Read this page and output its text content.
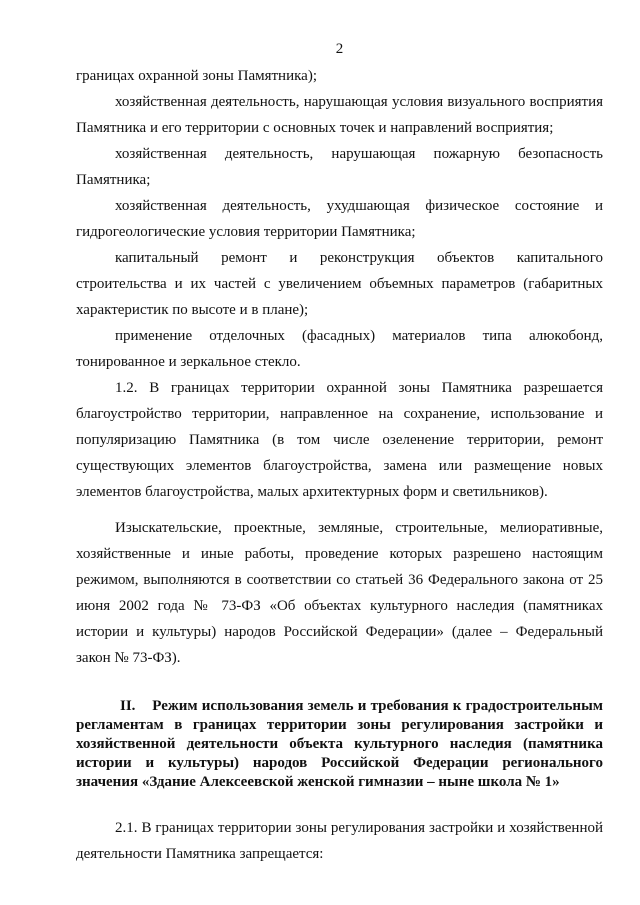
2

границах охранной зоны Памятника);

хозяйственная деятельность, нарушающая условия визуального восприятия Памятника и его территории с основных точек и направлений восприятия;

хозяйственная деятельность, нарушающая пожарную безопасность Памятника;

хозяйственная деятельность, ухудшающая физическое состояние и гидрогеологические условия территории Памятника;

капитальный ремонт и реконструкция объектов капитального строительства и их частей с увеличением объемных параметров (габаритных характеристик по высоте и в плане);

применение отделочных (фасадных) материалов типа алюкобонд, тонированное и зеркальное стекло.

1.2. В границах территории охранной зоны Памятника разрешается благоустройство территории, направленное на сохранение, использование и популяризацию Памятника (в том числе озеленение территории, ремонт существующих элементов благоустройства, замена или размещение новых элементов благоустройства, малых архитектурных форм и светильников).

Изыскательские, проектные, земляные, строительные, мелиоративные, хозяйственные и иные работы, проведение которых разрешено настоящим режимом, выполняются в соответствии со статьей 36 Федерального закона от 25 июня 2002 года № 73-ФЗ «Об объектах культурного наследия (памятниках истории и культуры) народов Российской Федерации» (далее – Федеральный закон № 73-ФЗ).

II. Режим использования земель и требования к градостроительным регламентам в границах территории зоны регулирования застройки и хозяйственной деятельности объекта культурного наследия (памятника истории и культуры) народов Российской Федерации регионального значения «Здание Алексеевской женской гимназии – ныне школа № 1»

2.1. В границах территории зоны регулирования застройки и хозяйственной деятельности Памятника запрещается:
